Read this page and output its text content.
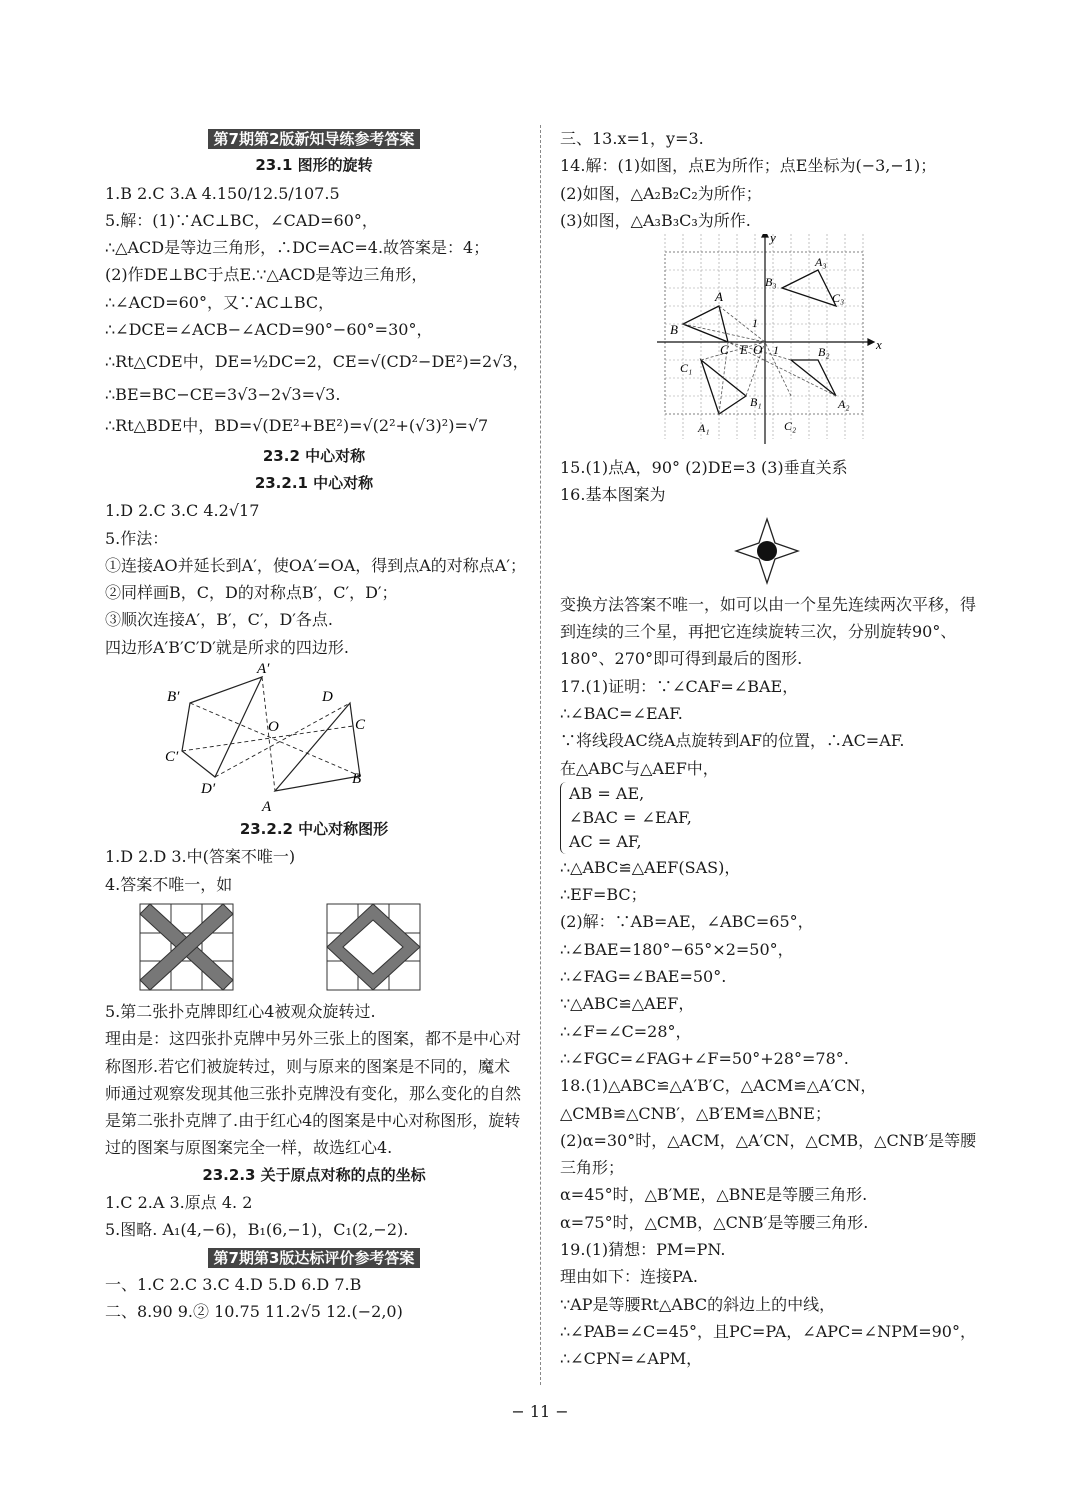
第7期第2版新知导练参考答案
23.1 图形的旋转
1.B 2.C 3.A 4.150/12.5/107.5
5.解：(1)∵AC⊥BC，∠CAD=60°，
∴△ACD是等边三角形，∴DC=AC=4.故答案是：4；
(2)作DE⊥BC于点E.∵△ACD是等边三角形，
∴∠ACD=60°，又∵AC⊥BC，
∴∠DCE=∠ACB−∠ACD=90°−60°=30°，
∴Rt△CDE中，DE=½DC=2，CE=√(CD²−DE²)=2√3，
∴BE=BC−CE=3√3−2√3=√3.
∴Rt△BDE中，BD=√(DE²+BE²)=√(2²+(√3)²)=√7
23.2 中心对称
23.2.1 中心对称
1.D 2.C 3.C 4.2√17
5.作法：
①连接AO并延长到A′，使OA′=OA，得到点A的对称点A′；
②同样画B，C，D的对称点B′，C′，D′；
③顺次连接A′，B′，C′，D′各点.
四边形A′B′C′D′就是所求的四边形.
A′
B′
C′
D′
O
D
C
B
A
23.2.2 中心对称图形
1.D 2.D 3.中(答案不唯一)
4.答案不唯一，如
5.第二张扑克牌即红心4被观众旋转过.
理由是：这四张扑克牌中另外三张上的图案，都不是中心对称图形.若它们被旋转过，则与原来的图案是不同的，魔术师通过观察发现其他三张扑克牌没有变化，那么变化的自然是第二张扑克牌了.由于红心4的图案是中心对称图形，旋转过的图案与原图案完全一样，故选红心4.
23.2.3 关于原点对称的点的坐标
1.C 2.A 3.原点 4. 2
5.图略. A₁(4,−6)，B₁(6,−1)，C₁(2,−2).
第7期第3版达标评价参考答案
一、1.C 2.C 3.C 4.D 5.D 6.D 7.B
二、8.90 9.② 10.75 11.2√5 12.(−2,0)
三、13.x=1，y=3.
14.解：(1)如图，点E为所作；点E坐标为(−3,−1)；
(2)如图，△A₂B₂C₂为所作；
(3)如图，△A₃B₃C₃为所作.
x
y
O 1
1
A
B
C E
A₁
B₁
C₁
A₂
B₂
C₂
A₃
B₃
C₃
15.(1)点A，90° (2)DE=3 (3)垂直关系
16.基本图案为
变换方法答案不唯一，如可以由一个星先连续两次平移，得到连续的三个星，再把它连续旋转三次，分别旋转90°、180°、270°即可得到最后的图形.
17.(1)证明：∵∠CAF=∠BAE，
∴∠BAC=∠EAF.
∵将线段AC绕A点旋转到AF的位置，∴AC=AF.
在△ABC与△AEF中，
AB = AE,
∠BAC = ∠EAF,
AC = AF,
∴△ABC≌△AEF(SAS)，
∴EF=BC；
(2)解：∵AB=AE，∠ABC=65°，
∴∠BAE=180°−65°×2=50°，
∴∠FAG=∠BAE=50°.
∵△ABC≌△AEF，
∴∠F=∠C=28°，
∴∠FGC=∠FAG+∠F=50°+28°=78°.
18.(1)△ABC≌△A′B′C，△ACM≌△A′CN，
△CMB≌△CNB′，△B′EM≌△BNE；
(2)α=30°时，△ACM，△A′CN，△CMB，△CNB′是等腰
三角形；
α=45°时，△B′ME，△BNE是等腰三角形.
α=75°时，△CMB，△CNB′是等腰三角形.
19.(1)猜想：PM=PN.
理由如下：连接PA.
∵AP是等腰Rt△ABC的斜边上的中线，
∴∠PAB=∠C=45°，且PC=PA，∠APC=∠NPM=90°，
∴∠CPN=∠APM，
− 11 −
